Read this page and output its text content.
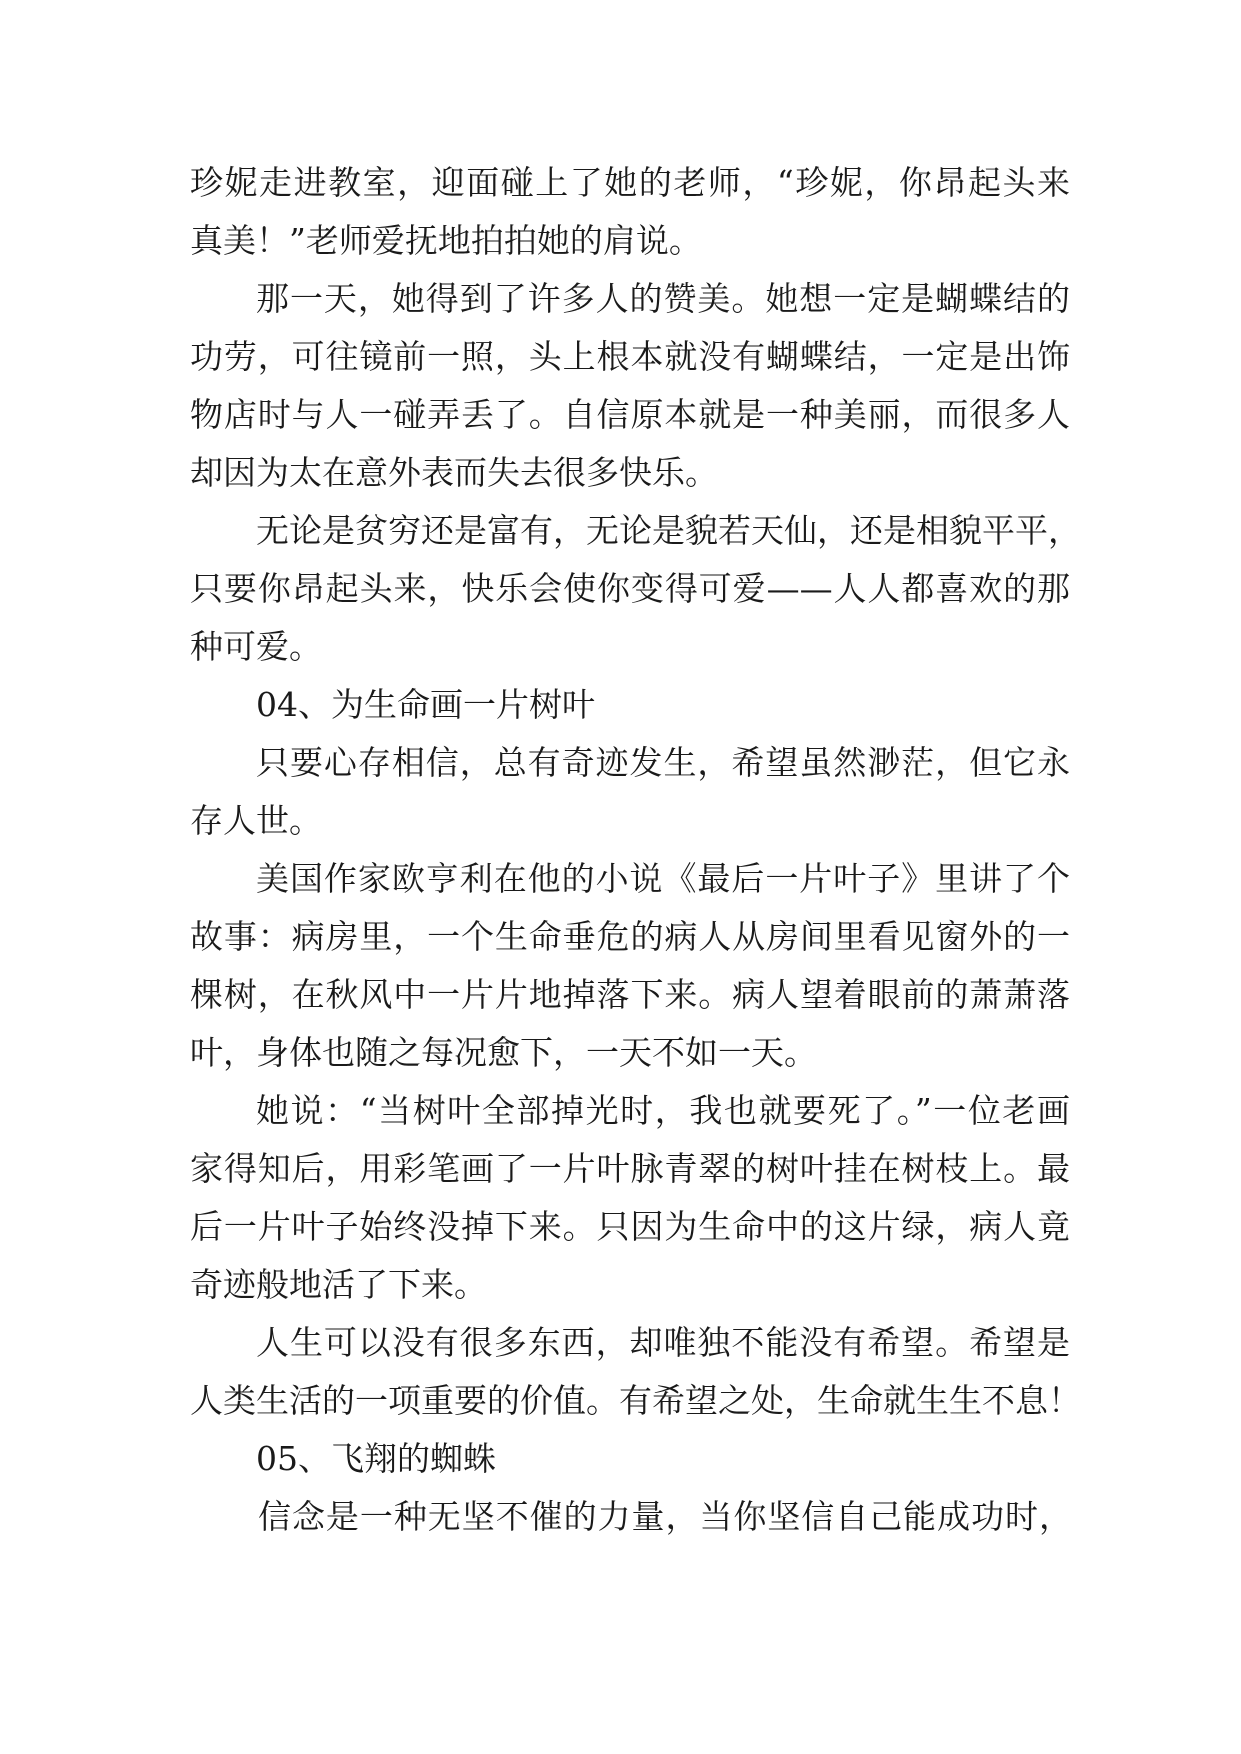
珍妮走进教室，迎面碰上了她的老师，“珍妮，你昂起头来
真美！”老师爱抚地拍拍她的肩说。
那一天，她得到了许多人的赞美。她想一定是蝴蝶结的
功劳，可往镜前一照，头上根本就没有蝴蝶结，一定是出饰
物店时与人一碰弄丢了。自信原本就是一种美丽，而很多人
却因为太在意外表而失去很多快乐。
无论是贫穷还是富有，无论是貌若天仙，还是相貌平平，
只要你昂起头来，快乐会使你变得可爱——人人都喜欢的那
种可爱。
04、为生命画一片树叶
只要心存相信，总有奇迹发生，希望虽然渺茫，但它永
存人世。
美国作家欧亨利在他的小说《最后一片叶子》里讲了个
故事：病房里，一个生命垂危的病人从房间里看见窗外的一
棵树，在秋风中一片片地掉落下来。病人望着眼前的萧萧落
叶，身体也随之每况愈下，一天不如一天。
她说：“当树叶全部掉光时，我也就要死了。”一位老画
家得知后，用彩笔画了一片叶脉青翠的树叶挂在树枝上。最
后一片叶子始终没掉下来。只因为生命中的这片绿，病人竟
奇迹般地活了下来。
人生可以没有很多东西，却唯独不能没有希望。希望是
人类生活的一项重要的价值。有希望之处，生命就生生不息！
05、飞翔的蜘蛛
信念是一种无坚不催的力量，当你坚信自己能成功时，
